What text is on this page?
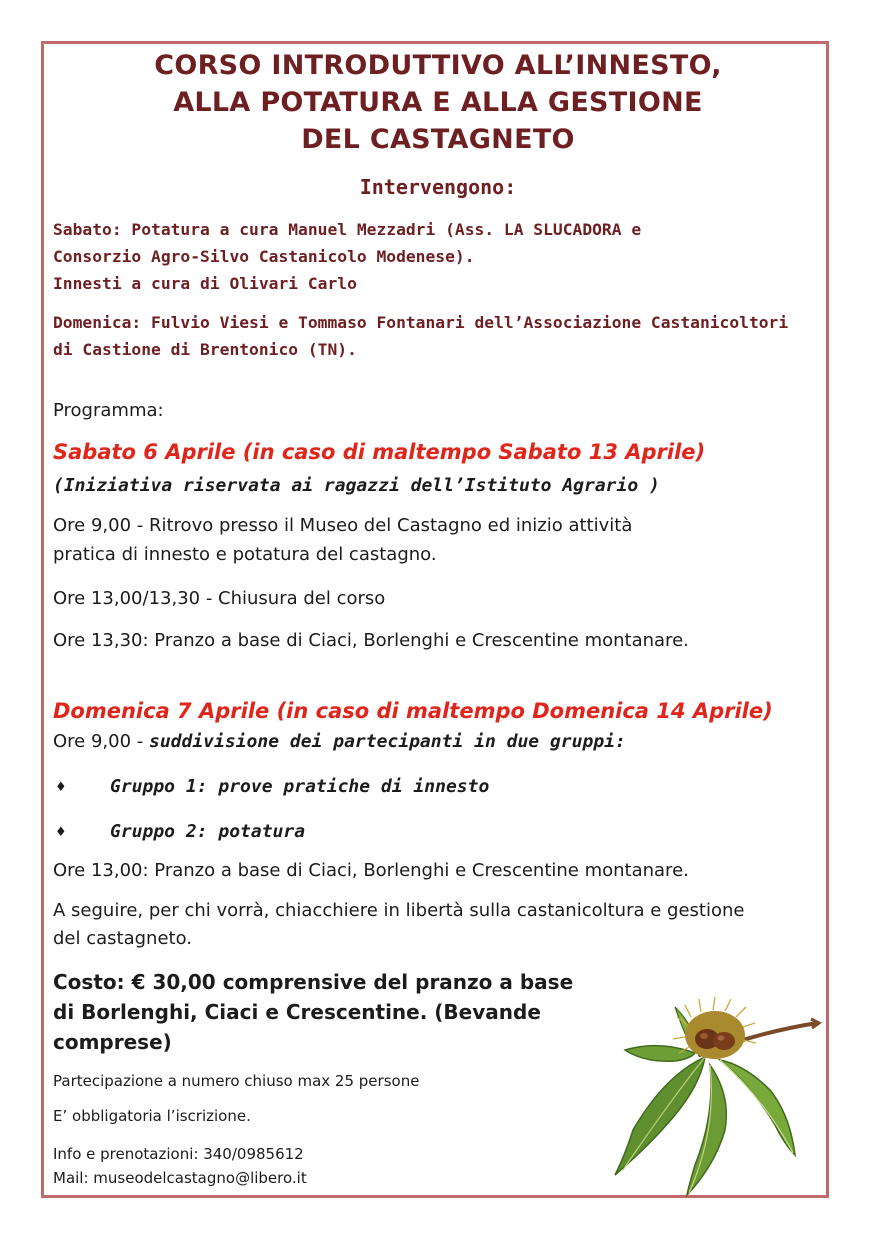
CORSO INTRODUTTIVO ALL’INNESTO,
ALLA POTATURA E ALLA GESTIONE
DEL CASTAGNETO
Intervengono:
Sabato: Potatura a cura Manuel Mezzadri (Ass. LA SLUCADORA e
Consorzio Agro-Silvo Castanicolo Modenese).
Innesti a cura di Olivari Carlo
Domenica: Fulvio Viesi e Tommaso Fontanari dell’Associazione Castanicoltori
di Castione di Brentonico (TN).
Programma:
Sabato 6 Aprile (in caso di maltempo Sabato 13 Aprile)
(Iniziativa riservata ai ragazzi dell’Istituto Agrario )
Ore 9,00 - Ritrovo presso il Museo del Castagno ed inizio attività
pratica di innesto e potatura del castagno.
Ore 13,00/13,30 - Chiusura del corso
Ore 13,30: Pranzo a base di Ciaci, Borlenghi e Crescentine montanare.
Domenica 7 Aprile (in caso di maltempo Domenica 14 Aprile)
Ore 9,00 - suddivisione dei partecipanti in due gruppi:
♦ Gruppo 1: prove pratiche di innesto
♦ Gruppo 2: potatura
Ore 13,00: Pranzo a base di Ciaci, Borlenghi e Crescentine montanare.
A seguire, per chi vorrà, chiacchiere in libertà sulla castanicoltura e gestione
del castagneto.
Costo: € 30,00 comprensive del pranzo a base
di Borlenghi, Ciaci e Crescentine. (Bevande
comprese)
Partecipazione a numero chiuso max 25 persone
E’ obbligatoria l’iscrizione.
Info e prenotazioni: 340/0985612
Mail: museodelcastagno@libero.it
